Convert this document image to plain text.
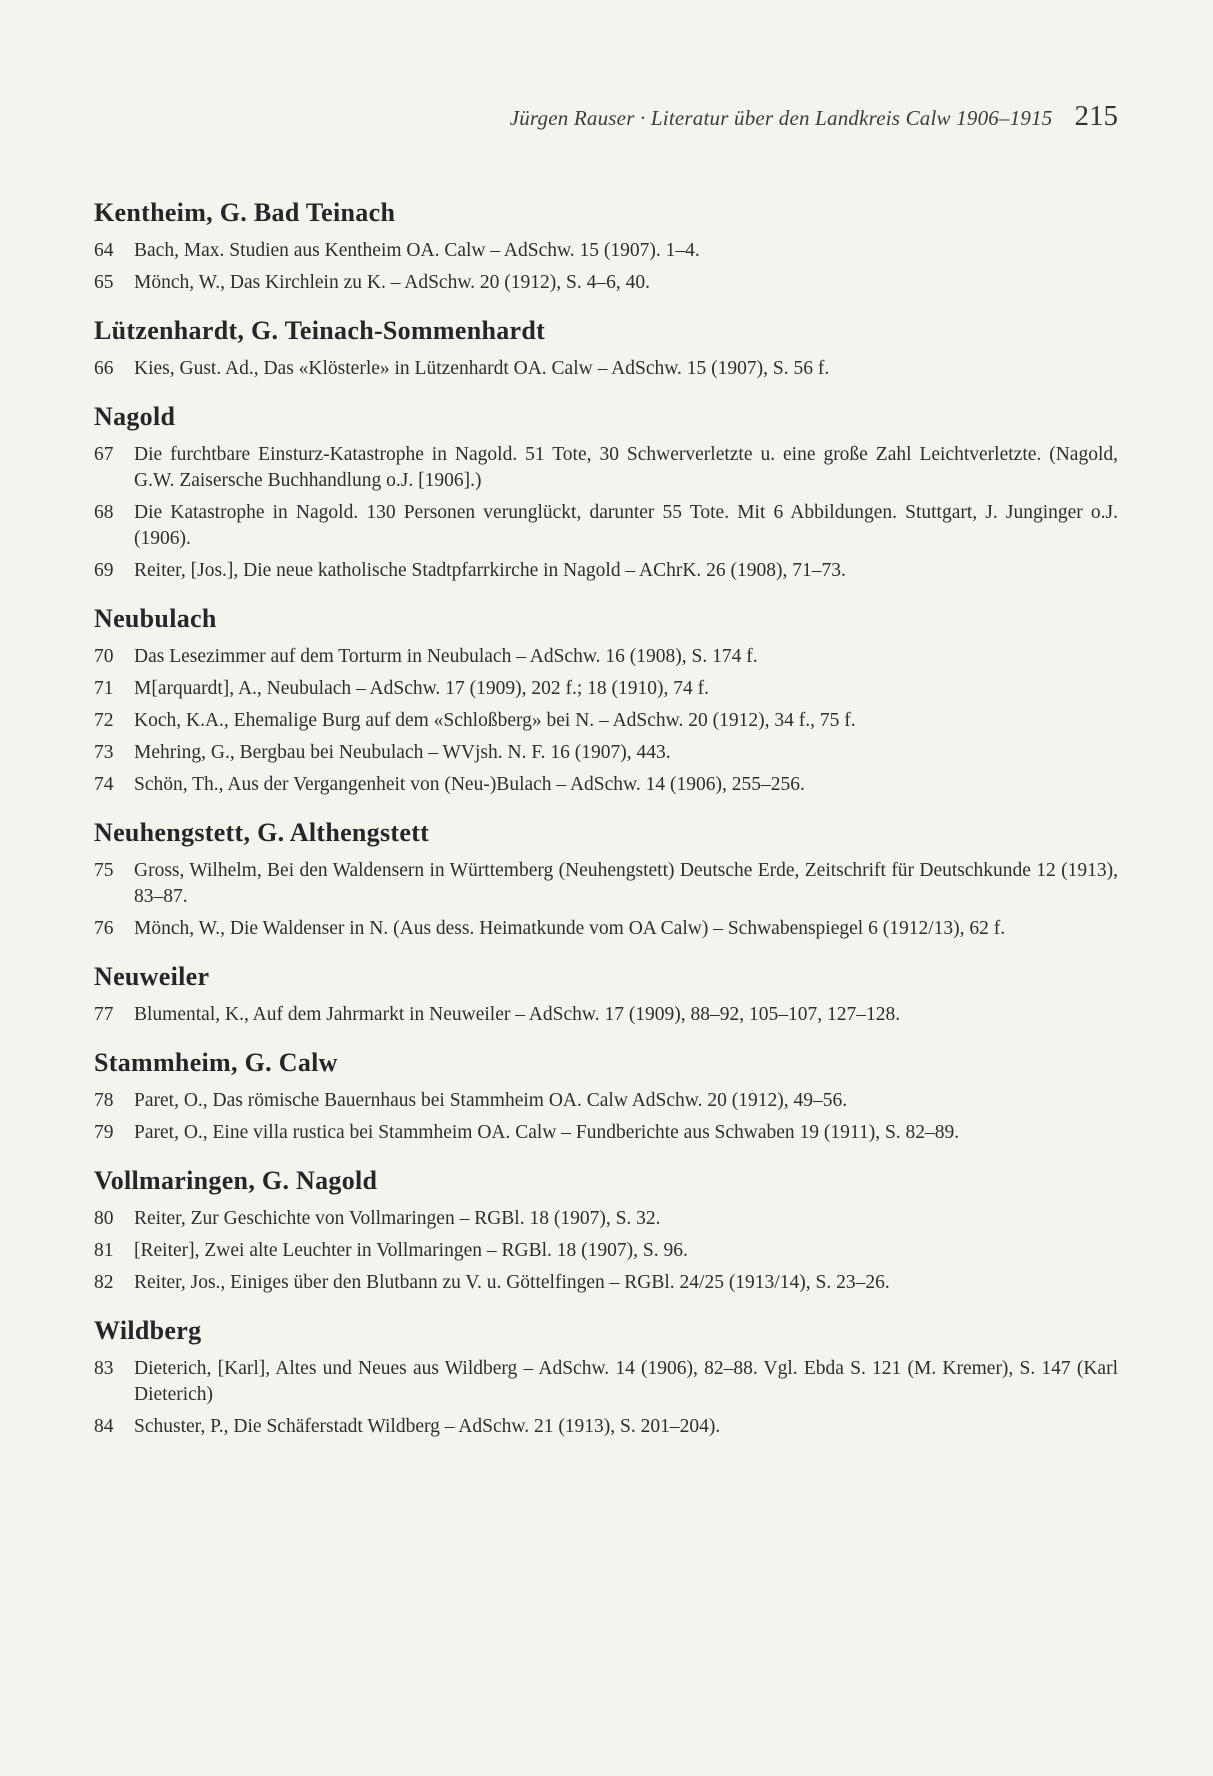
Jürgen Rauser · Literatur über den Landkreis Calw 1906–1915 215
Kentheim, G. Bad Teinach
64	Bach, Max. Studien aus Kentheim OA. Calw – AdSchw. 15 (1907). 1–4.
65	Mönch, W., Das Kirchlein zu K. – AdSchw. 20 (1912), S. 4–6, 40.
Lützenhardt, G. Teinach-Sommenhardt
66	Kies, Gust. Ad., Das «Klösterle» in Lützenhardt OA. Calw – AdSchw. 15 (1907), S. 56 f.
Nagold
67	Die furchtbare Einsturz-Katastrophe in Nagold. 51 Tote, 30 Schwerverletzte u. eine große Zahl Leichtverletzte. (Nagold, G.W. Zaisersche Buchhandlung o.J. [1906].)
68	Die Katastrophe in Nagold. 130 Personen verunglückt, darunter 55 Tote. Mit 6 Abbildungen. Stuttgart, J. Junginger o.J. (1906).
69	Reiter, [Jos.], Die neue katholische Stadtpfarrkirche in Nagold – AChrK. 26 (1908), 71–73.
Neubulach
70	Das Lesezimmer auf dem Torturm in Neubulach – AdSchw. 16 (1908), S. 174 f.
71	M[arquardt], A., Neubulach – AdSchw. 17 (1909), 202 f.; 18 (1910), 74 f.
72	Koch, K.A., Ehemalige Burg auf dem «Schloßberg» bei N. – AdSchw. 20 (1912), 34 f., 75 f.
73	Mehring, G., Bergbau bei Neubulach – WVjsh. N. F. 16 (1907), 443.
74	Schön, Th., Aus der Vergangenheit von (Neu-)Bulach – AdSchw. 14 (1906), 255–256.
Neuhengstett, G. Althengstett
75	Gross, Wilhelm, Bei den Waldensern in Württemberg (Neuhengstett) Deutsche Erde, Zeitschrift für Deutschkunde 12 (1913), 83–87.
76	Mönch, W., Die Waldenser in N. (Aus dess. Heimatkunde vom OA Calw) – Schwabenspiegel 6 (1912/13), 62 f.
Neuweiler
77	Blumental, K., Auf dem Jahrmarkt in Neuweiler – AdSchw. 17 (1909), 88–92, 105–107, 127–128.
Stammheim, G. Calw
78	Paret, O., Das römische Bauernhaus bei Stammheim OA. Calw AdSchw. 20 (1912), 49–56.
79	Paret, O., Eine villa rustica bei Stammheim OA. Calw – Fundberichte aus Schwaben 19 (1911), S. 82–89.
Vollmaringen, G. Nagold
80	Reiter, Zur Geschichte von Vollmaringen – RGBl. 18 (1907), S. 32.
81	[Reiter], Zwei alte Leuchter in Vollmaringen – RGBl. 18 (1907), S. 96.
82	Reiter, Jos., Einiges über den Blutbann zu V. u. Göttelfingen – RGBl. 24/25 (1913/14), S. 23–26.
Wildberg
83	Dieterich, [Karl], Altes und Neues aus Wildberg – AdSchw. 14 (1906), 82–88. Vgl. Ebda S. 121 (M. Kremer), S. 147 (Karl Dieterich)
84	Schuster, P., Die Schäferstadt Wildberg – AdSchw. 21 (1913), S. 201–204).
